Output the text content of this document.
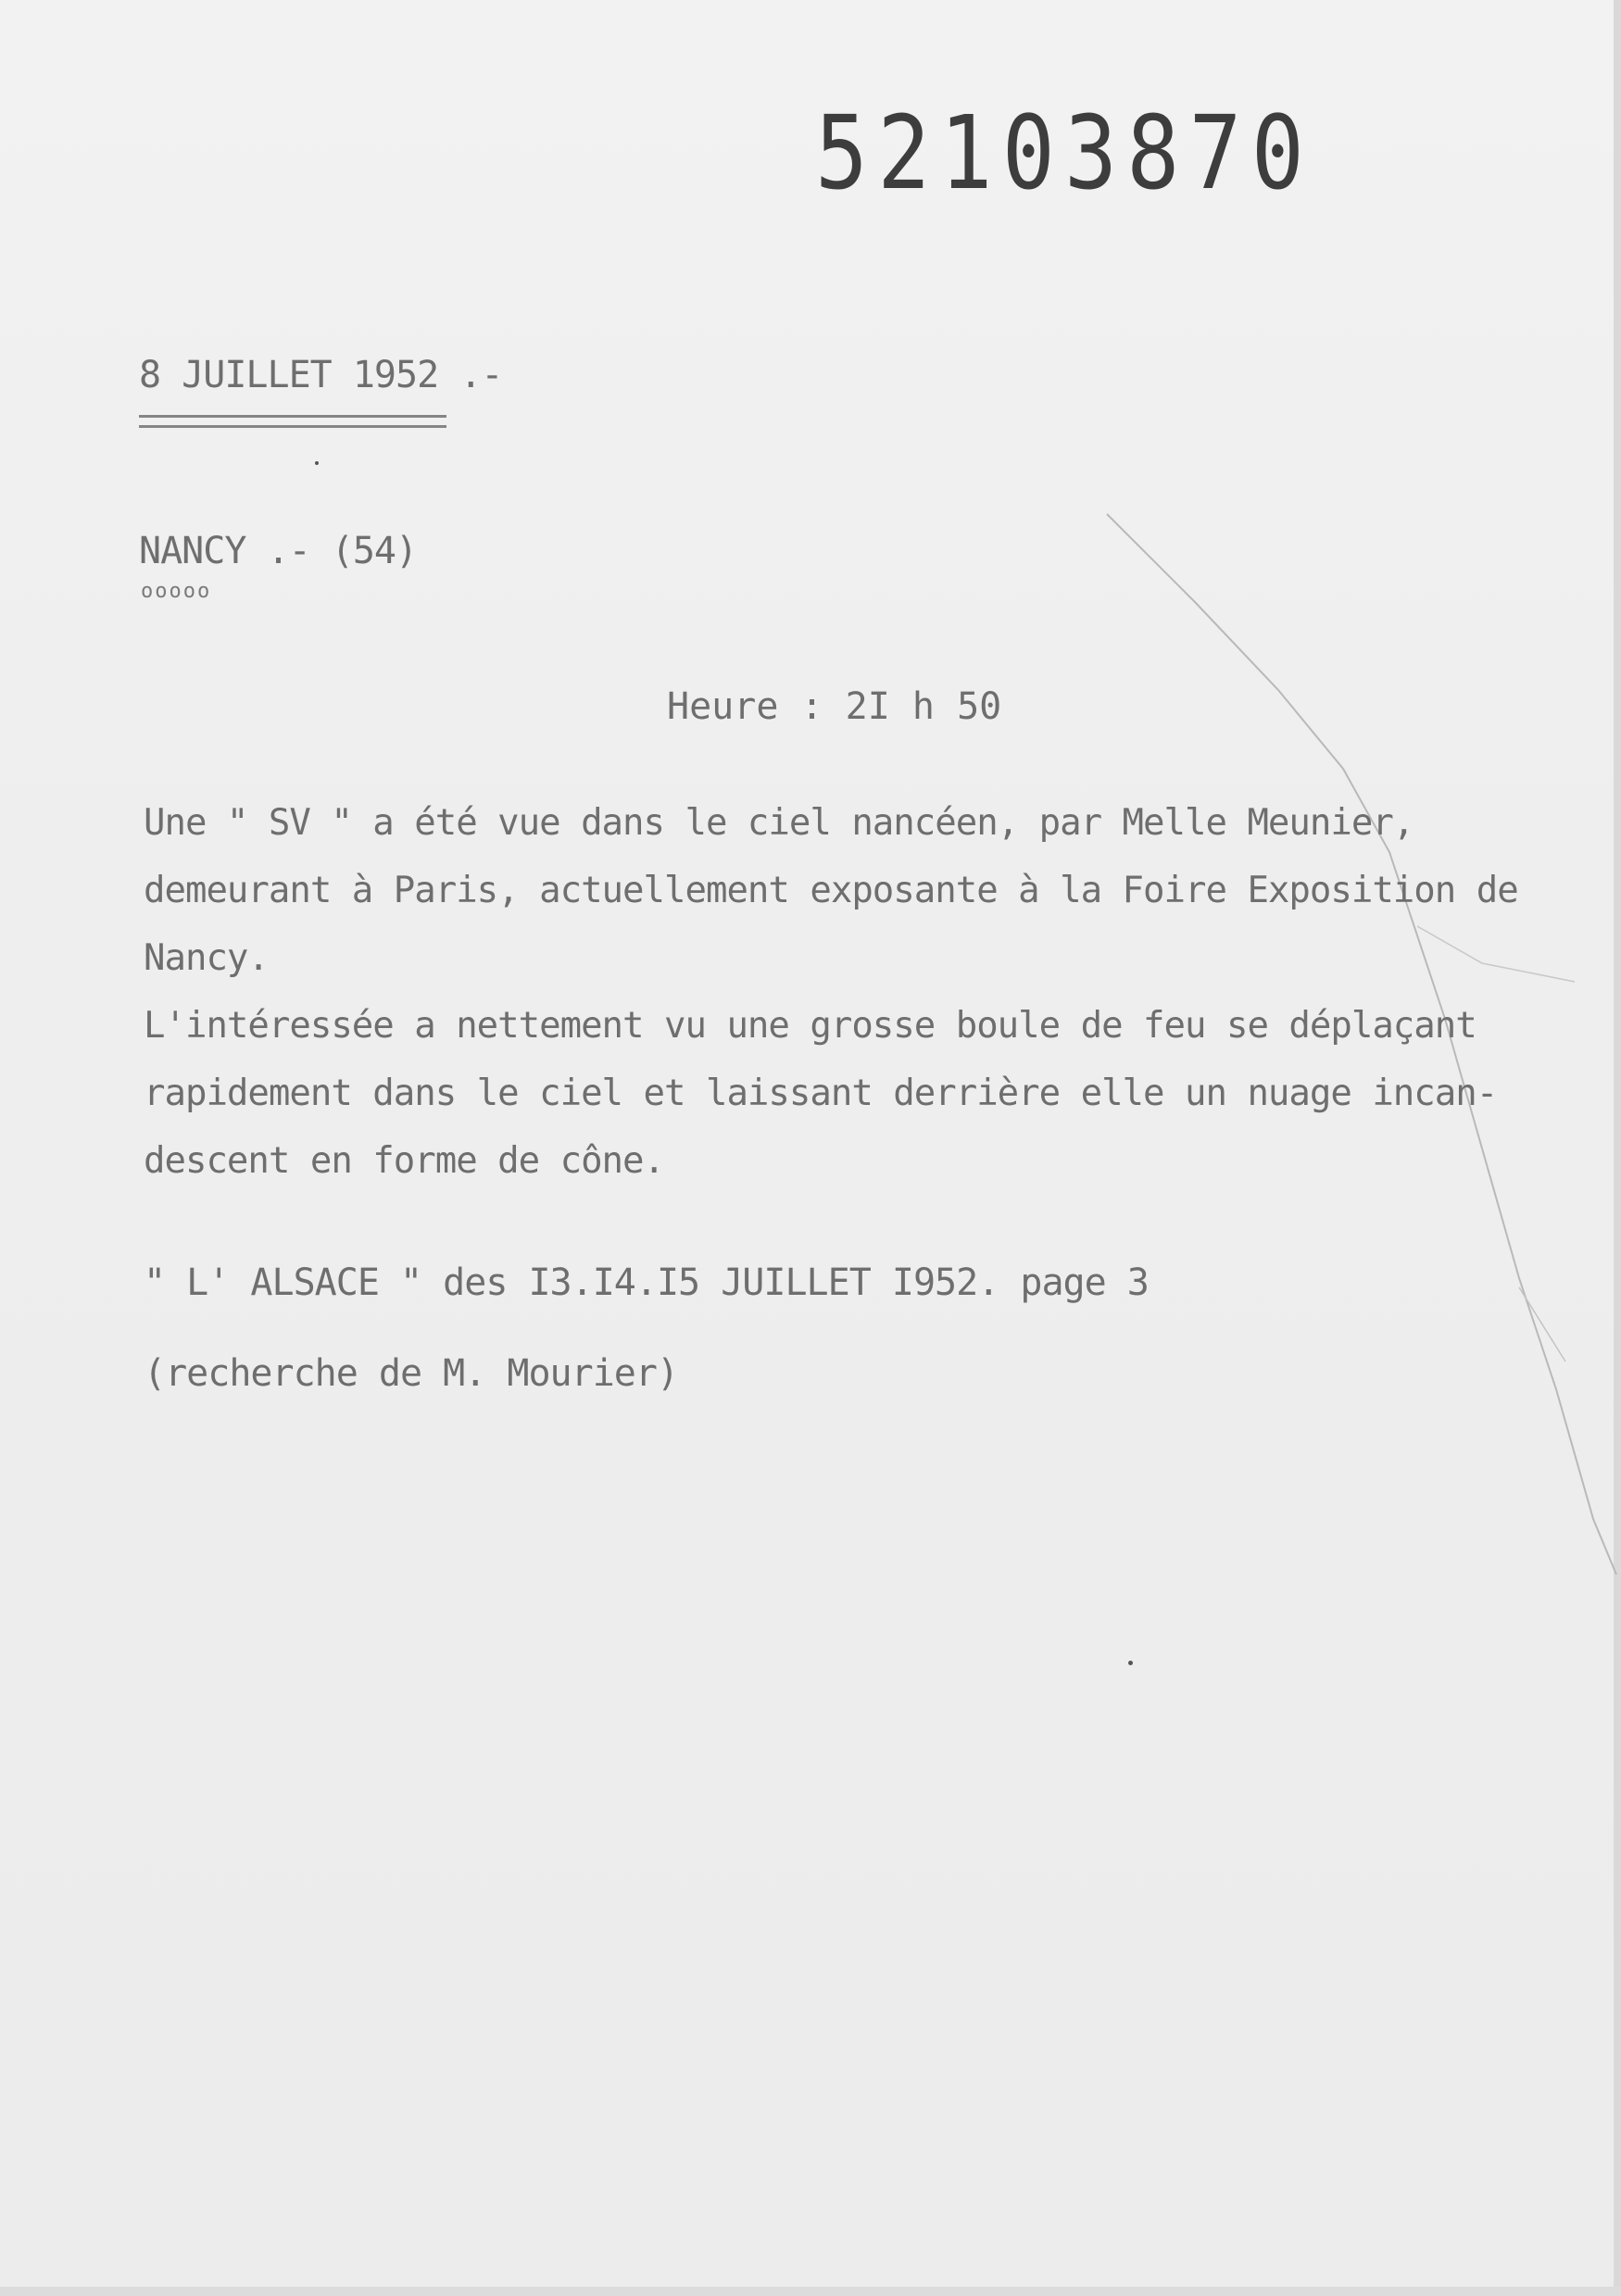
52103870
8 JUILLET 1952 .-
NANCY .- (54)
ooooo
Heure : 2I h 50

Une " SV " a été vue dans le ciel nancéen, par Melle Meunier, demeurant à Paris, actuellement exposante à la Foire Exposition de Nancy.

L'intéressée a nettement vu une grosse boule de feu se déplaçant rapidement dans le ciel et laissant derrière elle un nuage incan-descent en forme de cône.

" L' ALSACE " des I3.I4.I5 JUILLET I952. page 3
(recherche de M. Mourier)
